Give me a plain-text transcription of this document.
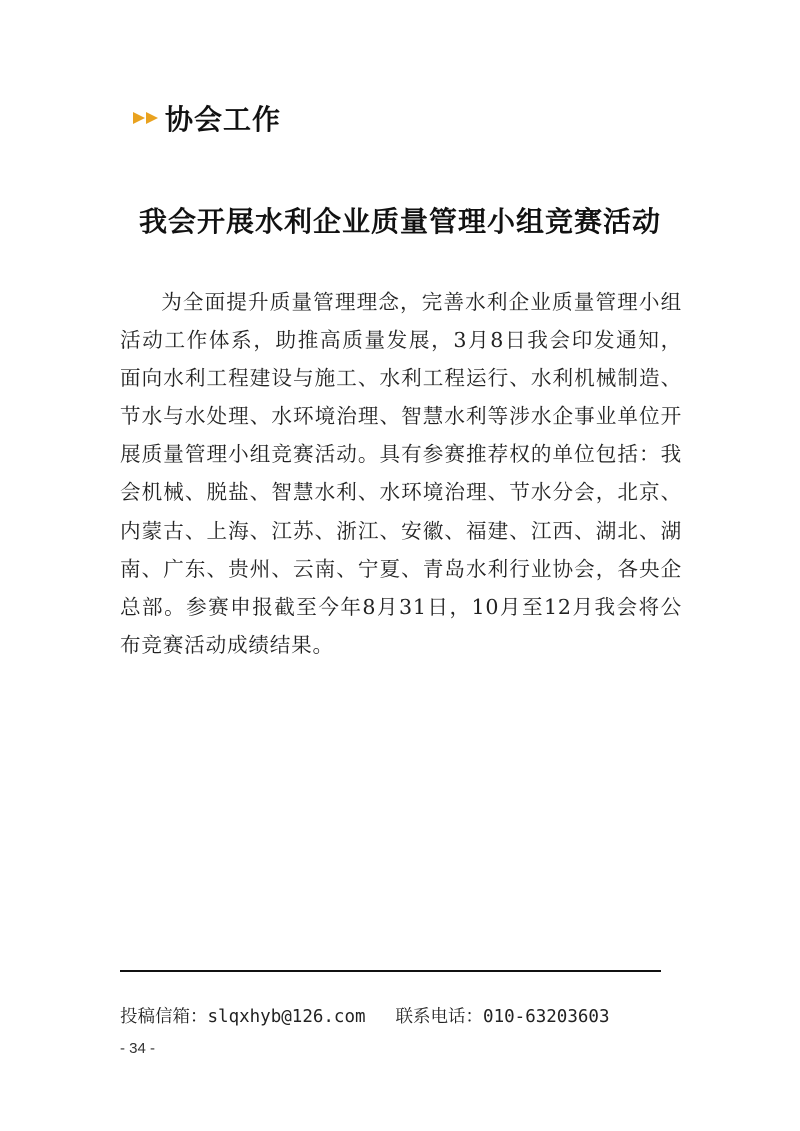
协会工作
我会开展水利企业质量管理小组竞赛活动

为全面提升质量管理理念，完善水利企业质量管理小组活动工作体系，助推高质量发展，3月8日我会印发通知，面向水利工程建设与施工、水利工程运行、水利机械制造、节水与水处理、水环境治理、智慧水利等涉水企事业单位开展质量管理小组竞赛活动。具有参赛推荐权的单位包括：我会机械、脱盐、智慧水利、水环境治理、节水分会，北京、内蒙古、上海、江苏、浙江、安徽、福建、江西、湖北、湖南、广东、贵州、云南、宁夏、青岛水利行业协会，各央企总部。参赛申报截至今年8月31日，10月至12月我会将公布竞赛活动成绩结果。

投稿信箱：slqxhyb@126.com 联系电话：010-63203603
- 34 -
